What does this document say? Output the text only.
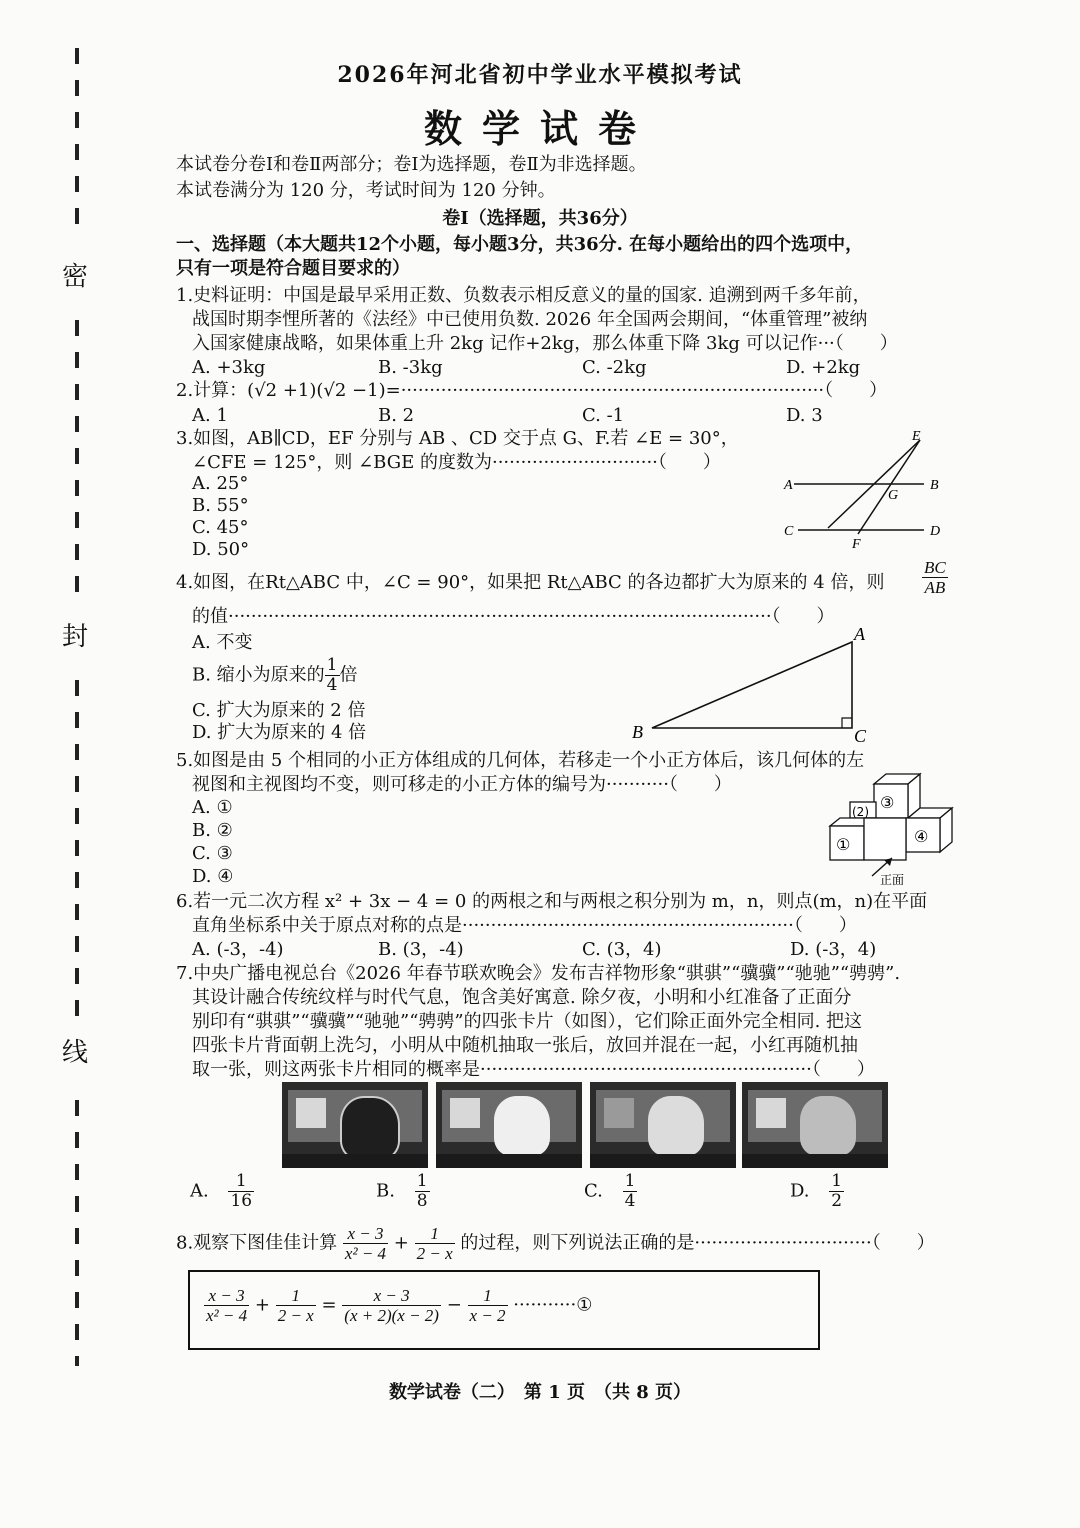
密
封
线
2026年河北省初中学业水平模拟考试
数学试卷
本试卷分卷Ⅰ和卷Ⅱ两部分；卷Ⅰ为选择题，卷Ⅱ为非选择题。
本试卷满分为 120 分，考试时间为 120 分钟。
卷Ⅰ（选择题，共36分）
一、选择题（本大题共12个小题，每小题3分，共36分. 在每小题给出的四个选项中，
只有一项是符合题目要求的）
1.史料证明：中国是最早采用正数、负数表示相反意义的量的国家. 追溯到两千多年前，
战国时期李悝所著的《法经》中已使用负数. 2026 年全国两会期间，“体重管理”被纳
入国家健康战略，如果体重上升 2kg 记作+2kg，那么体重下降 3kg 可以记作···（　　）
A. +3kg	B. -3kg	C. -2kg	D. +2kg
2.计算：(√2 +1)(√2 −1)=··········································································（　　）
A. 1	B. 2	C. -1	D. 3
3.如图，AB∥CD，EF 分别与 AB 、CD 交于点 G、F.若 ∠E = 30°，
∠CFE = 125°，则 ∠BGE 的度数为·····························（　　）
A. 25°
B. 55°
C. 45°
D. 50°
E
A	B
G
C	D
F
4.如图，在Rt△ABC 中，∠C = 90°，如果把 Rt△ABC 的各边都扩大为原来的 4 倍，则 $\frac{BC}{AB}$
的值·······························································································（　　）
A. 不变
B. 缩小为原来的 $\frac{1}{4}$ 倍
C. 扩大为原来的 2 倍
D. 扩大为原来的 4 倍
A
B	C
5.如图是由 5 个相同的小正方体组成的几何体，若移走一个小正方体后，该几何体的左
视图和主视图均不变，则可移走的小正方体的编号为···········（　　）
A. ①
B. ②
C. ③
D. ④
③
(2)
④
①
正面
6.若一元二次方程 x² + 3x − 4 = 0 的两根之和与两根之积分别为 m，n，则点(m，n)在平面
直角坐标系中关于原点对称的点是··························································（　　）
A. (-3，-4)	B. (3，-4)	C. (3，4)	D. (-3，4)
7.中央广播电视总台《2026 年春节联欢晚会》发布吉祥物形象“骐骐”“骥骥”“驰驰”“骋骋”.
其设计融合传统纹样与时代气息，饱含美好寓意. 除夕夜，小明和小红准备了正面分
别印有“骐骐”“骥骥”“驰驰”“骋骋”的四张卡片（如图），它们除正面外完全相同. 把这
四张卡片背面朝上洗匀，小明从中随机抽取一张后，放回并混在一起，小红再随机抽
取一张，则这两张卡片相同的概率是··························································（　　）
A. $\frac{1}{16}$	B. $\frac{1}{8}$	C. $\frac{1}{4}$	D. $\frac{1}{2}$
8.观察下图佳佳计算 $\frac{x - 3}{\text{x² − 4}} + \frac{1}{2 - x}$ 的过程，则下列说法正确的是·······························（　　）
$\frac{x - 3}{\text{x² − 4}} + \frac{1}{2 - x} = \frac{x - 3}{(x + 2)(x - 2)} - \frac{1}{x - 2}$ ···········①
数学试卷（二）　第 1 页　（共 8 页）
